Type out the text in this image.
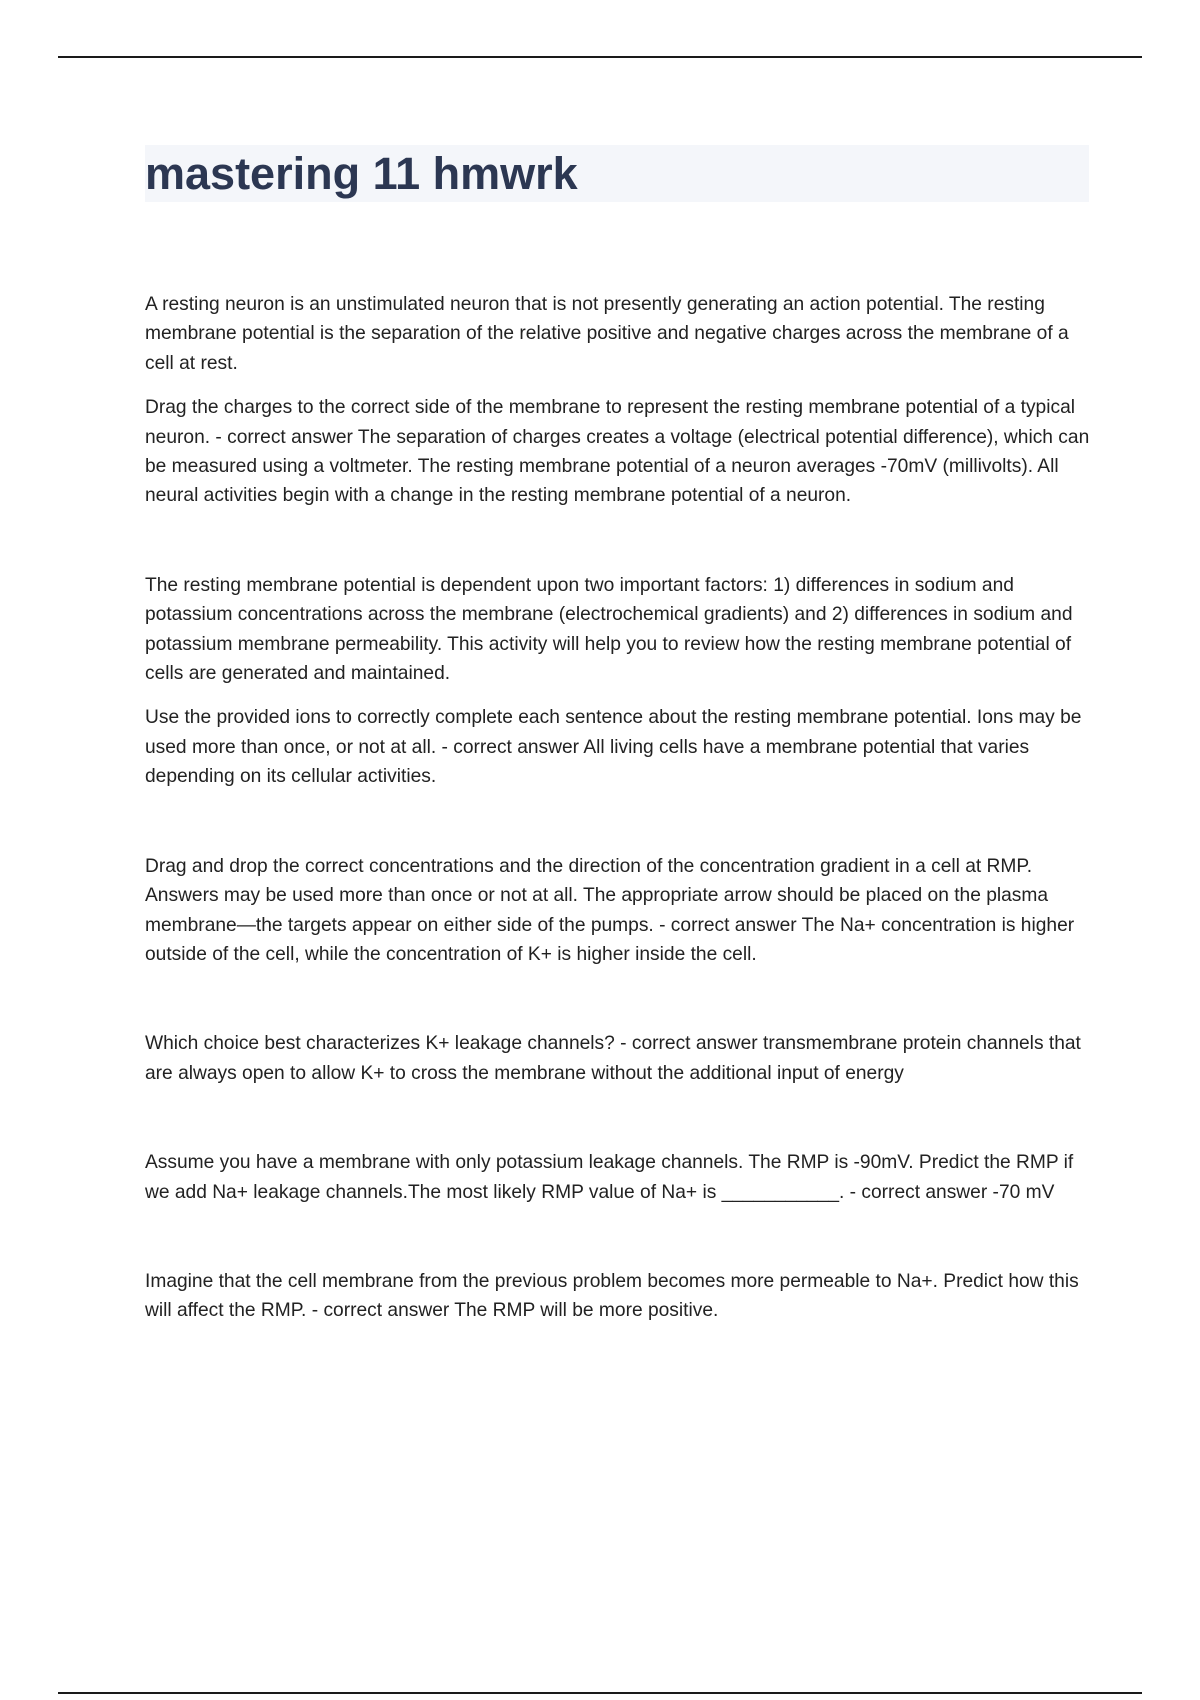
mastering 11 hmwrk

A resting neuron is an unstimulated neuron that is not presently generating an action potential. The resting membrane potential is the separation of the relative positive and negative charges across the membrane of a cell at rest.

Drag the charges to the correct side of the membrane to represent the resting membrane potential of a typical neuron. - correct answer The separation of charges creates a voltage (electrical potential difference), which can be measured using a voltmeter. The resting membrane potential of a neuron averages -70mV (millivolts). All neural activities begin with a change in the resting membrane potential of a neuron.

The resting membrane potential is dependent upon two important factors: 1) differences in sodium and potassium concentrations across the membrane (electrochemical gradients) and 2) differences in sodium and potassium membrane permeability. This activity will help you to review how the resting membrane potential of cells are generated and maintained.

Use the provided ions to correctly complete each sentence about the resting membrane potential. Ions may be used more than once, or not at all. - correct answer All living cells have a membrane potential that varies depending on its cellular activities.

Drag and drop the correct concentrations and the direction of the concentration gradient in a cell at RMP. Answers may be used more than once or not at all. The appropriate arrow should be placed on the plasma membrane—the targets appear on either side of the pumps. - correct answer The Na+ concentration is higher outside of the cell, while the concentration of K+ is higher inside the cell.

Which choice best characterizes K+ leakage channels? - correct answer transmembrane protein channels that are always open to allow K+ to cross the membrane without the additional input of energy

Assume you have a membrane with only potassium leakage channels. The RMP is -90mV. Predict the RMP if we add Na+ leakage channels.The most likely RMP value of Na+ is ___________. - correct answer -70 mV

Imagine that the cell membrane from the previous problem becomes more permeable to Na+. Predict how this will affect the RMP. - correct answer The RMP will be more positive.
